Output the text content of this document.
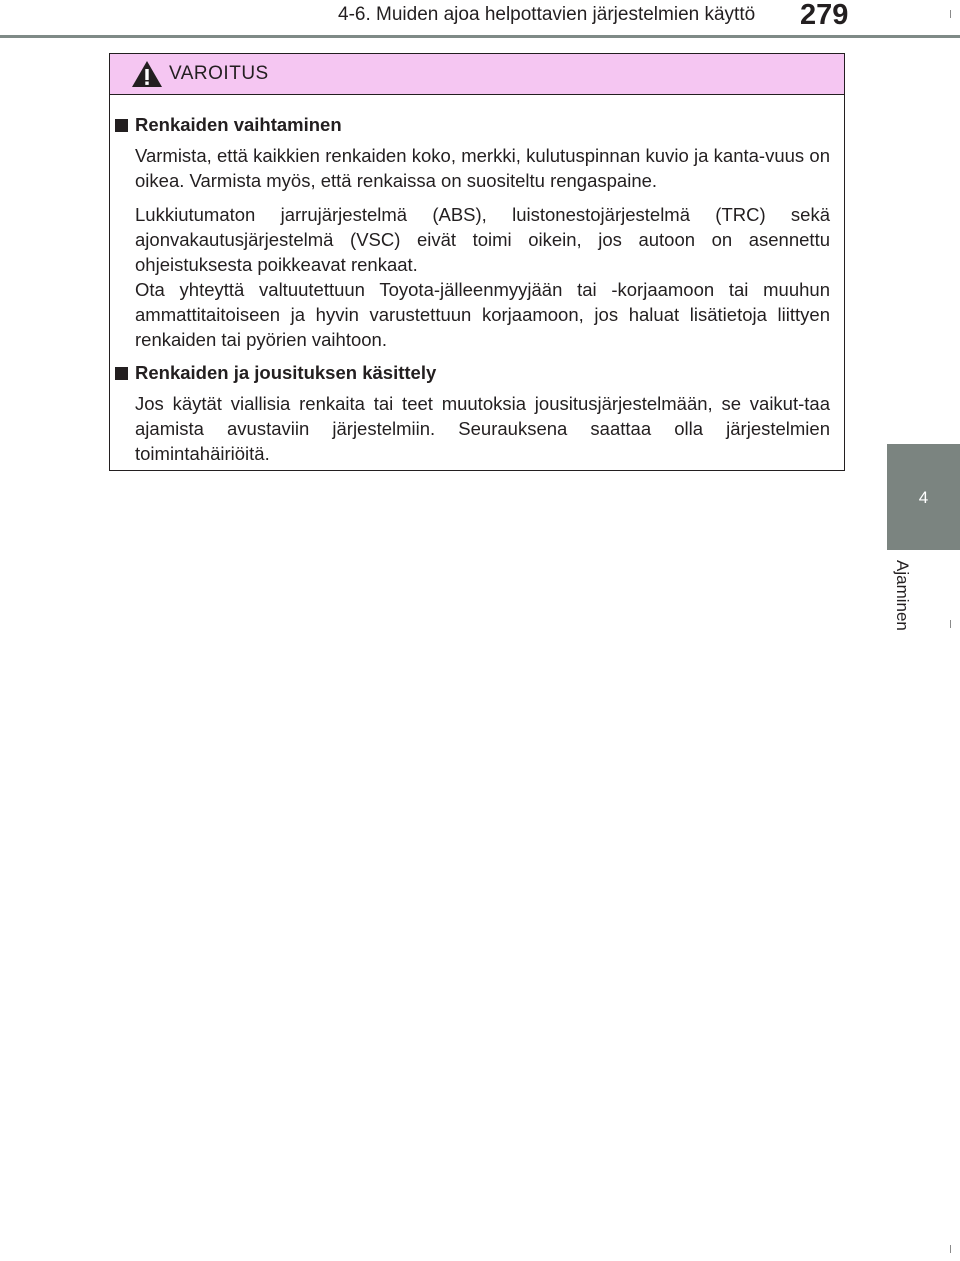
4-6. Muiden ajoa helpottavien järjestelmien käyttö 279
4
Ajaminen
VAROITUS
Renkaiden vaihtaminen

Varmista, että kaikkien renkaiden koko, merkki, kulutuspinnan kuvio ja kanta-vuus on oikea. Varmista myös, että renkaissa on suositeltu rengaspaine.

Lukkiutumaton jarrujärjestelmä (ABS), luistonestojärjestelmä (TRC) sekä ajonvakautusjärjestelmä (VSC) eivät toimi oikein, jos autoon on asennettu ohjeistuksesta poikkeavat renkaat.

Ota yhteyttä valtuutettuun Toyota-jälleenmyyjään tai -korjaamoon tai muuhun ammattitaitoiseen ja hyvin varustettuun korjaamoon, jos haluat lisätietoja liittyen renkaiden tai pyörien vaihtoon.

Renkaiden ja jousituksen käsittely

Jos käytät viallisia renkaita tai teet muutoksia jousitusjärjestelmään, se vaikut-taa ajamista avustaviin järjestelmiin. Seurauksena saattaa olla järjestelmien toimintahäiriöitä.
